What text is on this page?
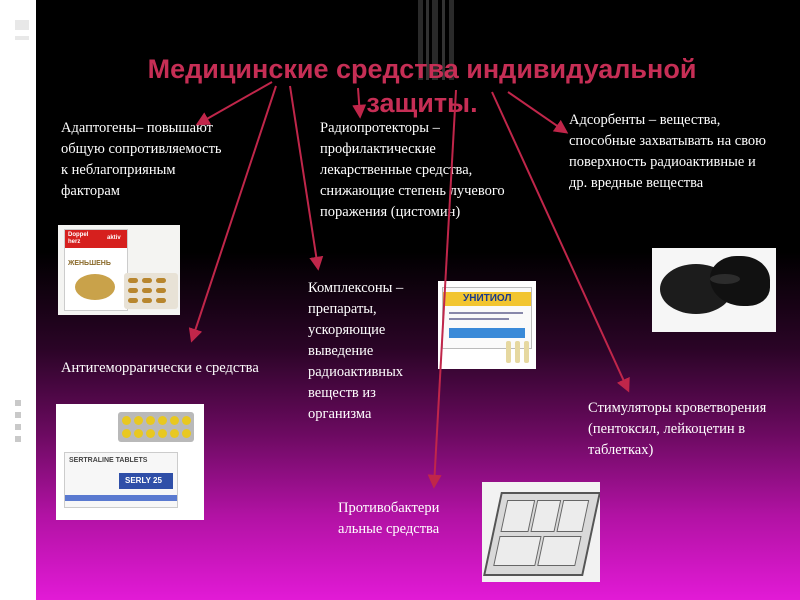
Медицинские средства индивидуальной защиты.

Адаптогены– повышают общую сопротивляемость к неблагоприяным факторам

Радиопротекторы – профилактические лекарственные средства, снижающие степень лучевого поражения (цистомин)

Адсорбенты – вещества, способные захватывать на свою поверхность радиоактивные и др. вредные вещества

Комплексоны – препараты, ускоряющие выведение радиоактивных веществ из организма

Антигеморрагически е средства

Стимуляторы кроветворения (пентоксил, лейкоцетин в таблетках)

Противобактери альные средства

Doppel herz
aktiv
ЖЕНЬШЕНЬ
УНИТИОЛ
SERTRALINE TABLETS
SERLY 25
